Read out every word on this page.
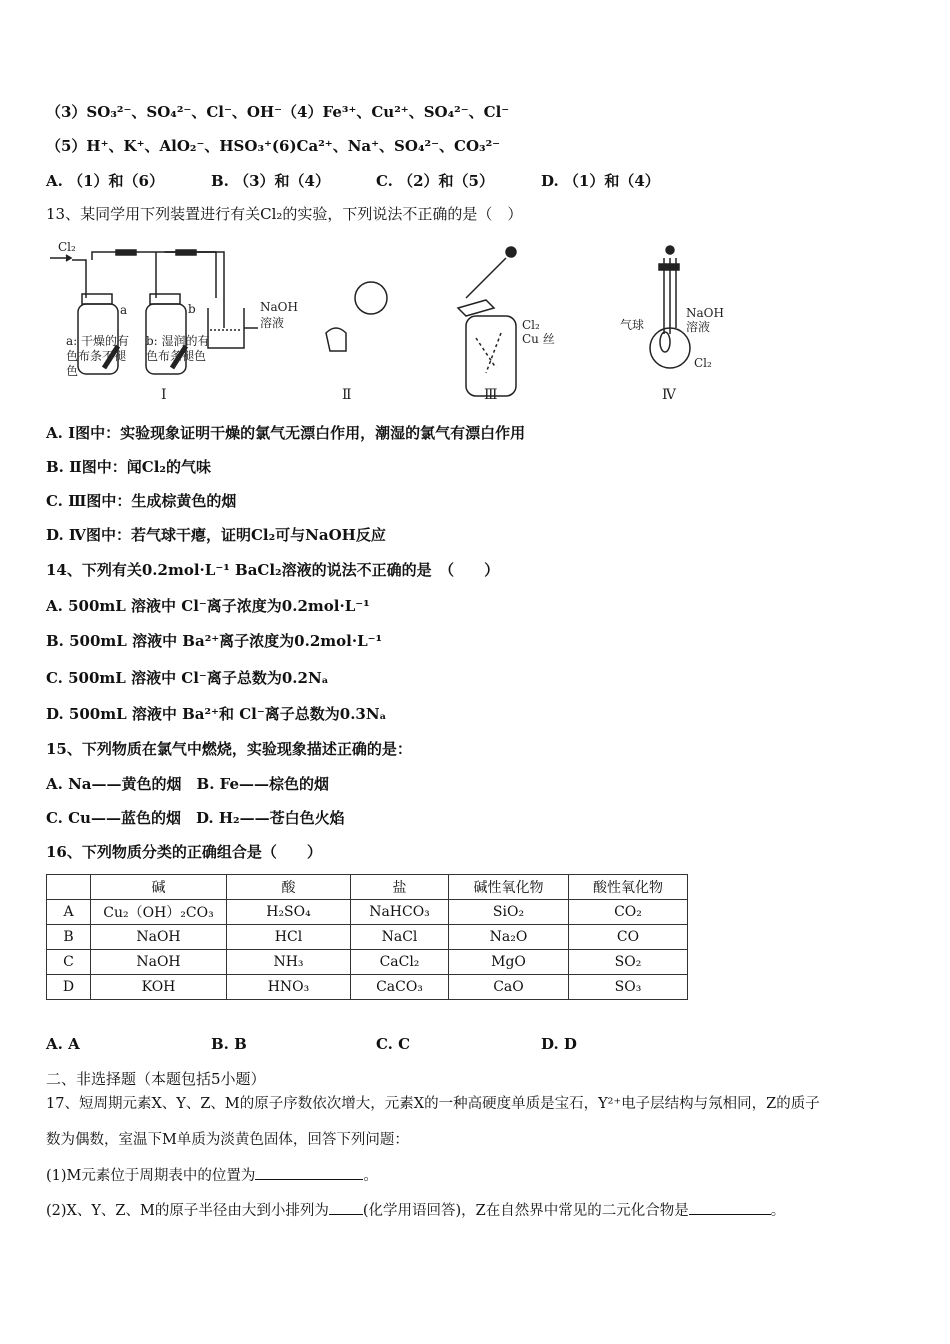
（3）SO₃²⁻、SO₄²⁻、Cl⁻、OH⁻（4）Fe³⁺、Cu²⁺、SO₄²⁻、Cl⁻
（5）H⁺、K⁺、AlO₂⁻、HSO₃⁺(6)Ca²⁺、Na⁺、SO₄²⁻、CO₃²⁻
A. （1）和（6）	B. （3）和（4）	C. （2）和（5）	D. （1）和（4）
13、某同学用下列装置进行有关Cl₂的实验，下列说法不正确的是（　）
Cl₂
a	b	NaOH
溶液
a: 干燥的有色布条不褪色
b: 湿润的有色布条褪色
Cl₂
Cu 丝
气球
NaOH
溶液
Cl₂
Ⅰ	Ⅱ	Ⅲ	Ⅳ
A. Ⅰ图中：实验现象证明干燥的氯气无漂白作用，潮湿的氯气有漂白作用
B. Ⅱ图中：闻Cl₂的气味
C. Ⅲ图中：生成棕黄色的烟
D. Ⅳ图中：若气球干瘪，证明Cl₂可与NaOH反应
14、下列有关0.2mol·L⁻¹ BaCl₂溶液的说法不正确的是　（　　）
A. 500mL 溶液中 Cl⁻离子浓度为0.2mol·L⁻¹
B. 500mL 溶液中 Ba²⁺离子浓度为0.2mol·L⁻¹
C. 500mL 溶液中 Cl⁻离子总数为0.2Nₐ
D. 500mL 溶液中 Ba²⁺和 Cl⁻离子总数为0.3Nₐ
15、下列物质在氯气中燃烧，实验现象描述正确的是：
A. Na——黄色的烟　B. Fe——棕色的烟
C. Cu——蓝色的烟　D. H₂——苍白色火焰
16、下列物质分类的正确组合是（　　）
	碱	酸	盐	碱性氧化物	酸性氧化物
A	Cu₂（OH）₂CO₃	H₂SO₄	NaHCO₃	SiO₂	CO₂
B	NaOH	HCl	NaCl	Na₂O	CO
C	NaOH	NH₃	CaCl₂	MgO	SO₂
D	KOH	HNO₃	CaCO₃	CaO	SO₃
A. A	B. B	C. C	D. D
二、非选择题（本题包括5小题）
17、短周期元素X、Y、Z、M的原子序数依次增大，元素X的一种高硬度单质是宝石，Y²⁺电子层结构与氖相同，Z的质子
数为偶数，室温下M单质为淡黄色固体，回答下列问题：
(1)M元素位于周期表中的位置为	。
(2)X、Y、Z、M的原子半径由大到小排列为 (化学用语回答)，Z在自然界中常见的二元化合物是	。
